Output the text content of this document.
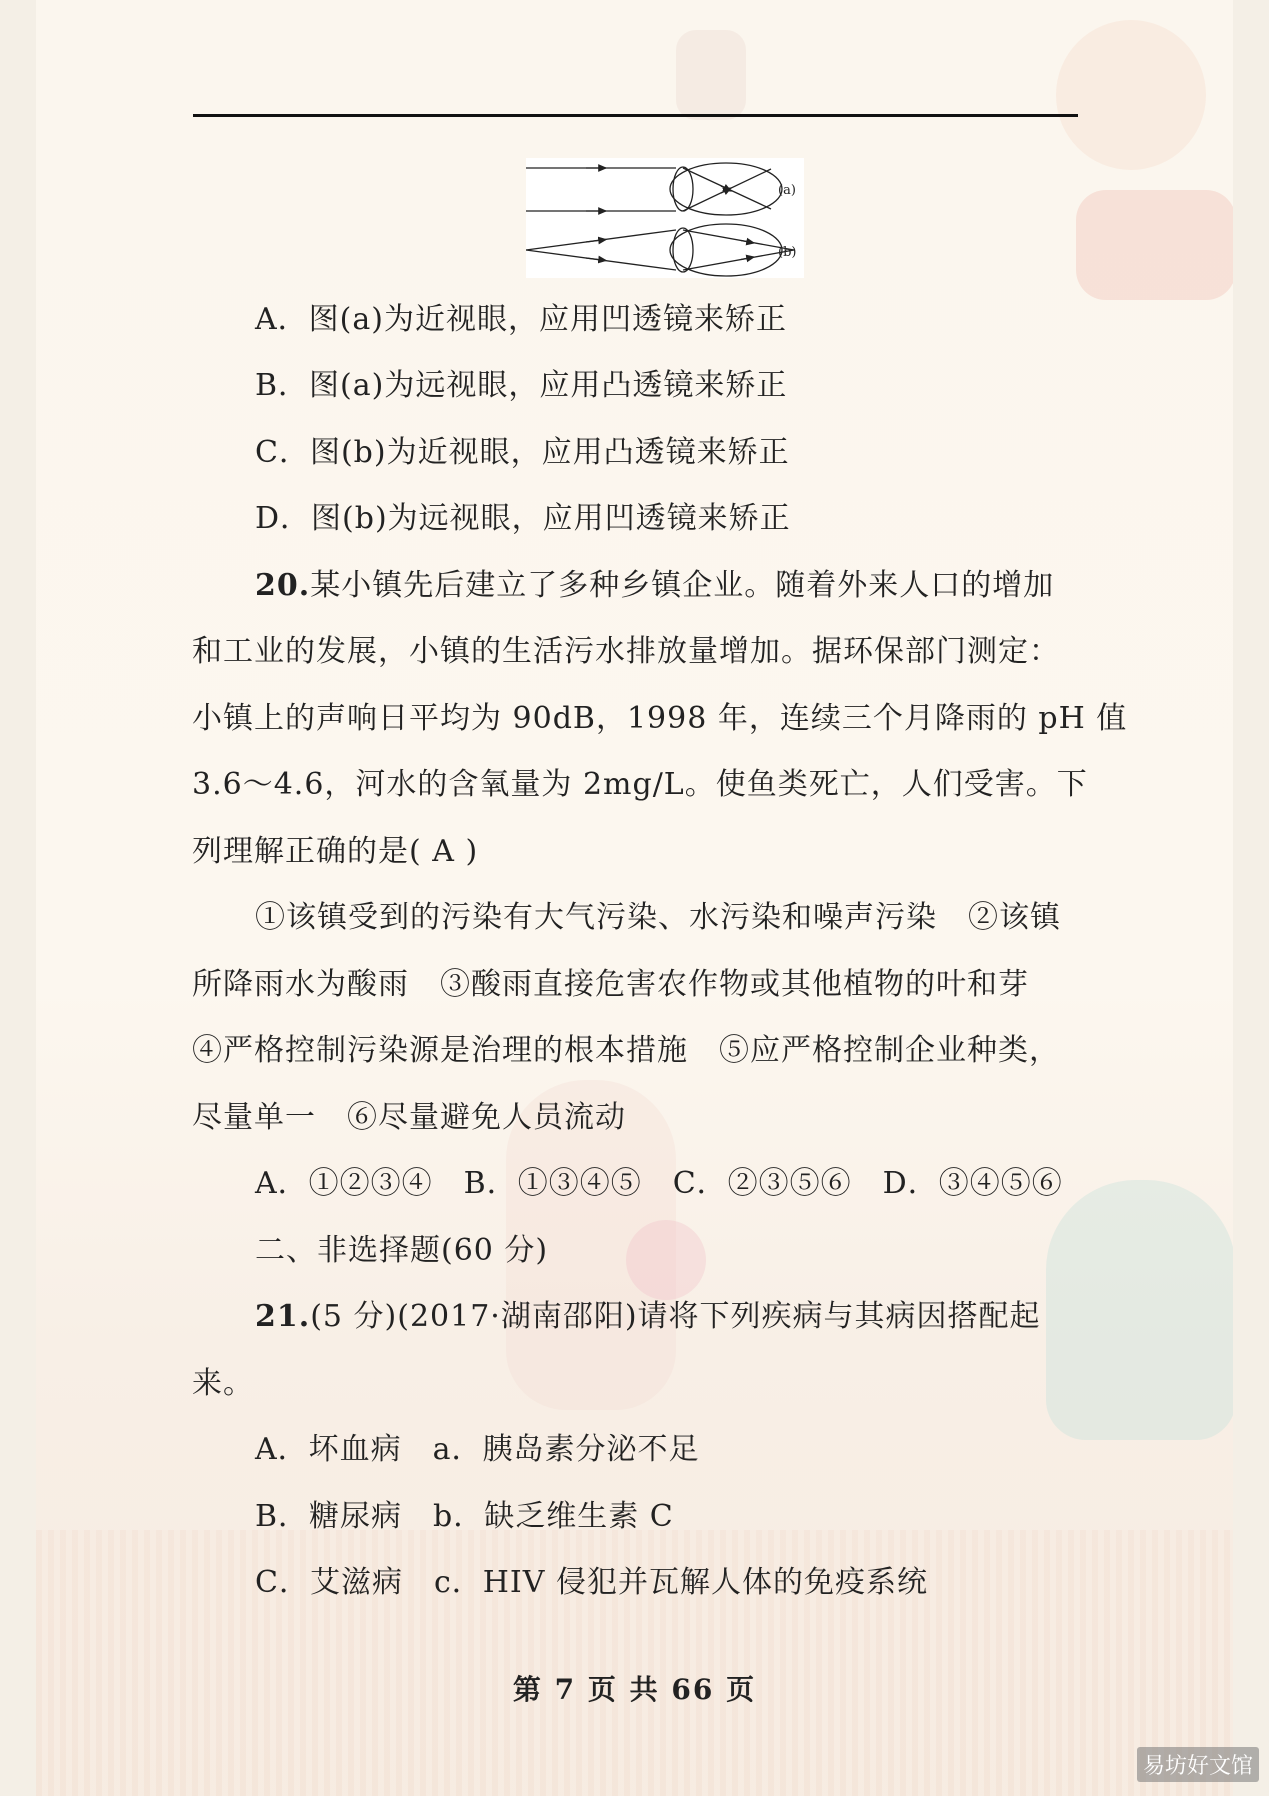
(a)
(b)
A．图(a)为近视眼，应用凹透镜来矫正
B．图(a)为远视眼，应用凸透镜来矫正
C．图(b)为近视眼，应用凸透镜来矫正
D．图(b)为远视眼，应用凹透镜来矫正
20.某小镇先后建立了多种乡镇企业。随着外来人口的增加
和工业的发展，小镇的生活污水排放量增加。据环保部门测定：
小镇上的声响日平均为 90dB，1998 年，连续三个月降雨的 pH 值
3.6～4.6，河水的含氧量为 2mg/L。使鱼类死亡，人们受害。下
列理解正确的是( A )
①该镇受到的污染有大气污染、水污染和噪声污染　②该镇
所降雨水为酸雨　③酸雨直接危害农作物或其他植物的叶和芽
④严格控制污染源是治理的根本措施　⑤应严格控制企业种类，
尽量单一　⑥尽量避免人员流动
A．①②③④　B．①③④⑤　C．②③⑤⑥　D．③④⑤⑥
二、非选择题(60 分)
21.(5 分)(2017·湖南邵阳)请将下列疾病与其病因搭配起
来。
A．坏血病　a．胰岛素分泌不足
B．糖尿病　b．缺乏维生素 C
C．艾滋病　c．HIV 侵犯并瓦解人体的免疫系统
第 7 页 共 66 页
易坊好文馆
